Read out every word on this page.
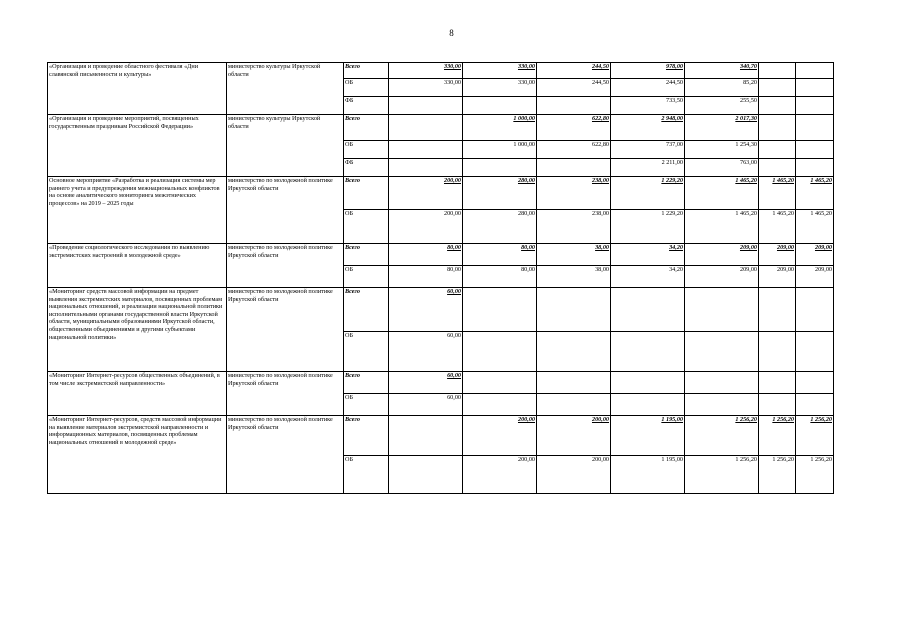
8
«Организация и проведение областного фестиваля «Дни славянской письменности и культуры»	министерство культуры Иркутской области	Всего	330,00	330,00	244,50	978,00	340,70		
		ОБ	330,00	330,00	244,50	244,50	85,20		
		ФБ				733,50	255,50		
«Организация и проведение мероприятий, посвященных государственным праздникам Российской Федерации»	министерство культуры Иркутской области	Всего		1 000,00	622,80	2 948,00	2 017,30		
		ОБ		1 000,00	622,80	737,00	1 254,30		
		ФБ				2 211,00	763,00		
Основное мероприятие «Разработка и реализация системы мер раннего учета и предупреждения межнациональных конфликтов на основе аналитического мониторинга межэтнических процессов» на 2019 – 2025 годы	министерство по молодежной политике Иркутской области	Всего	200,00	280,00	238,00	1 229,20	1 465,20	1 465,20	1 465,20
		ОБ	200,00	280,00	238,00	1 229,20	1 465,20	1 465,20	1 465,20
«Проведение социологического исследования по выявлению экстремистских настроений в молодежной среде»	министерство по молодежной политике Иркутской области	Всего	80,00	80,00	38,00	34,20	209,00	209,00	209,00
		ОБ	80,00	80,00	38,00	34,20	209,00	209,00	209,00
«Мониторинг средств массовой информации на предмет выявления экстремистских материалов, посвященных проблемам национальных отношений, и реализации национальной политики исполнительными органами государственной власти Иркутской области, муниципальными образованиями Иркутской области, общественными объединениями и другими субъектами национальной политики»	министерство по молодежной политике Иркутской области	Всего	60,00						
		ОБ	60,00						
«Мониторинг Интернет-ресурсов общественных объединений, в том числе экстремистской направленности»	министерство по молодежной политике Иркутской области	Всего	60,00						
		ОБ	60,00						
«Мониторинг Интернет-ресурсов, средств массовой информации на выявление материалов экстремистской направленности и информационных материалов, посвященных проблемам национальных отношений в молодежной среде»	министерство по молодежной политике Иркутской области	Всего		200,00	200,00	1 195,00	1 256,20	1 256,20	1 256,20
		ОБ		200,00	200,00	1 195,00	1 256,20	1 256,20	1 256,20
